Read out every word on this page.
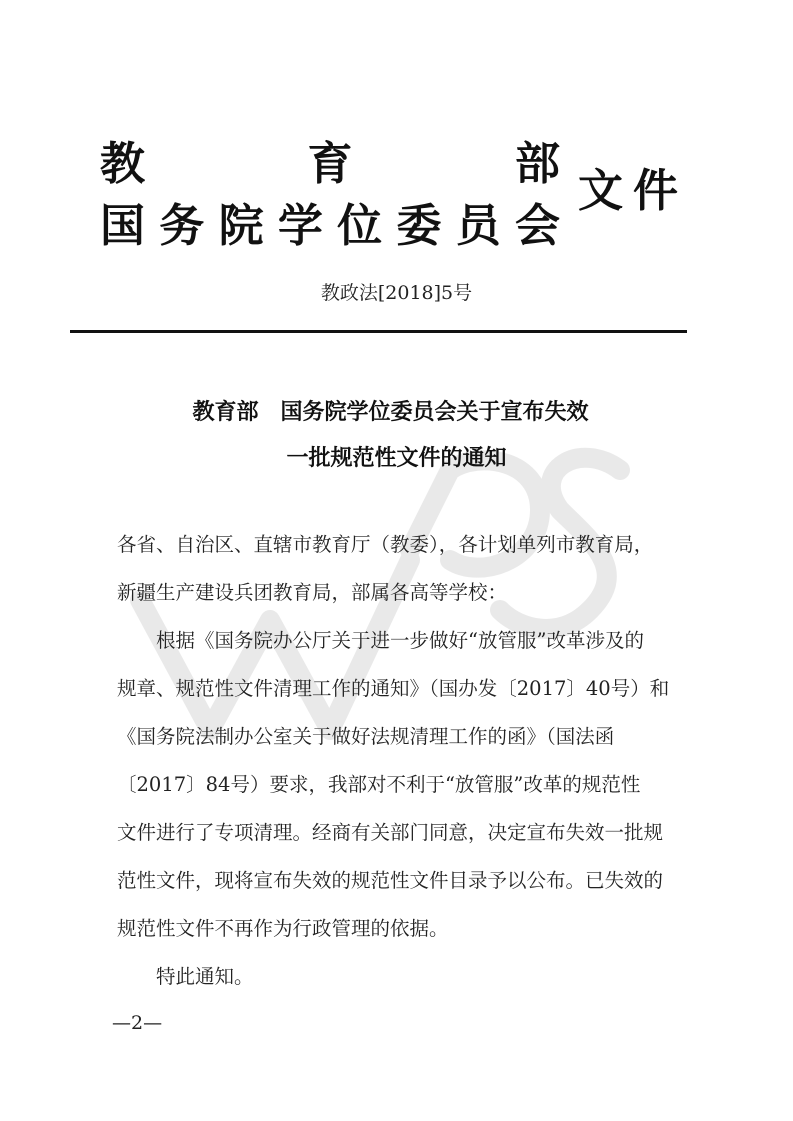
教	育	部
国 务 院 学 位 委 员 会
文件
教政法[2018]5号
教育部　国务院学位委员会关于宣布失效
一批规范性文件的通知
各省、自治区、直辖市教育厅（教委），各计划单列市教育局，
新疆生产建设兵团教育局，部属各高等学校：
　　根据《国务院办公厅关于进一步做好“放管服”改革涉及的
规章、规范性文件清理工作的通知》（国办发〔2017〕40号）和
《国务院法制办公室关于做好法规清理工作的函》（国法函
〔2017〕84号）要求，我部对不利于“放管服”改革的规范性
文件进行了专项清理。经商有关部门同意，决定宣布失效一批规
范性文件，现将宣布失效的规范性文件目录予以公布。已失效的
规范性文件不再作为行政管理的依据。
　　特此通知。
—2—
